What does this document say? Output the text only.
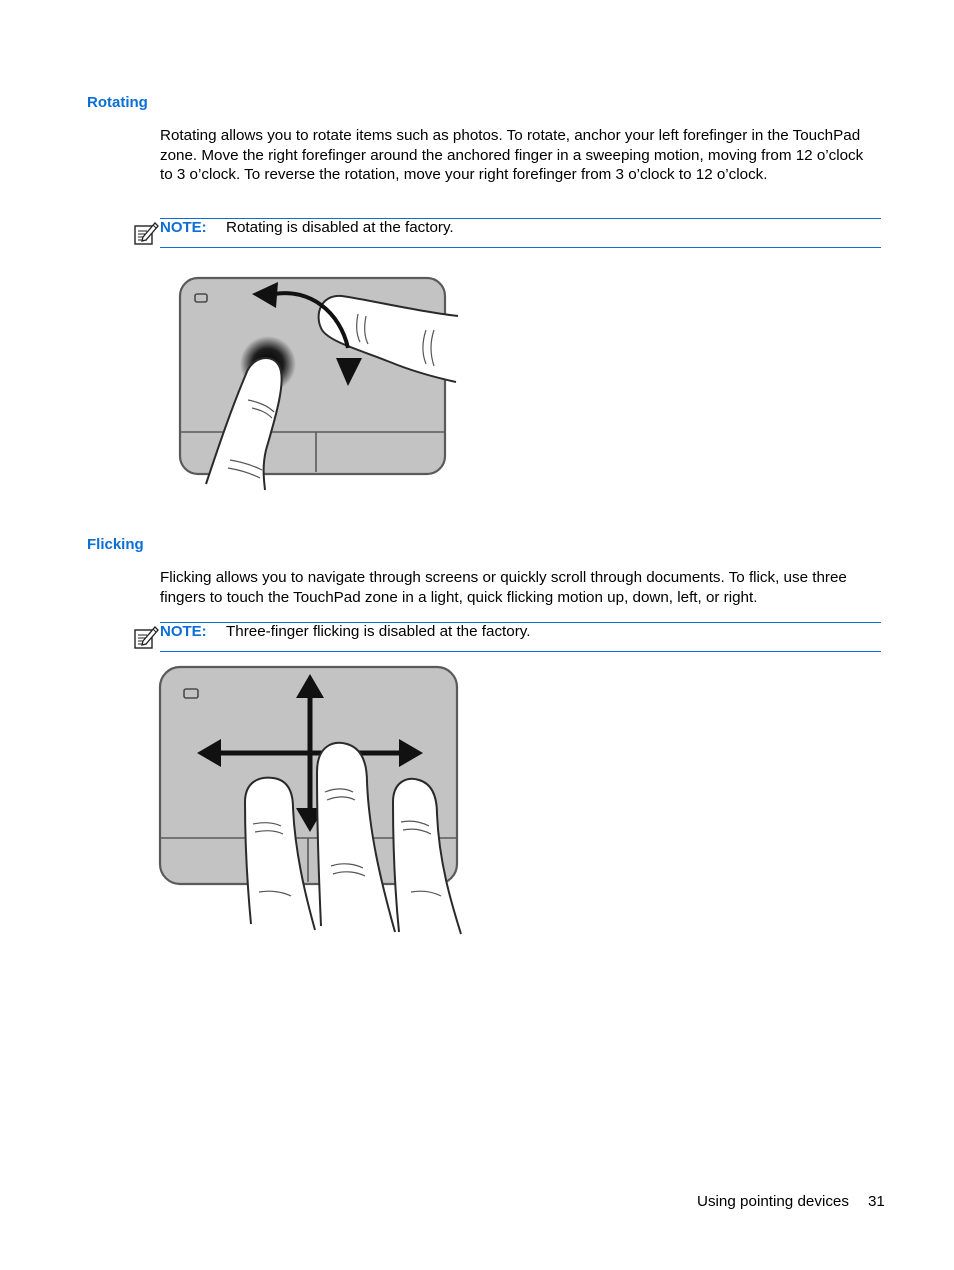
Rotating

Rotating allows you to rotate items such as photos. To rotate, anchor your left forefinger in the TouchPad zone. Move the right forefinger around the anchored finger in a sweeping motion, moving from 12 o’clock to 3 o’clock. To reverse the rotation, move your right forefinger from 3 o’clock to 12 o’clock.

NOTE: Rotating is disabled at the factory.
Flicking

Flicking allows you to navigate through screens or quickly scroll through documents. To flick, use three fingers to touch the TouchPad zone in a light, quick flicking motion up, down, left, or right.

NOTE: Three-finger flicking is disabled at the factory.
Using pointing devices 31
